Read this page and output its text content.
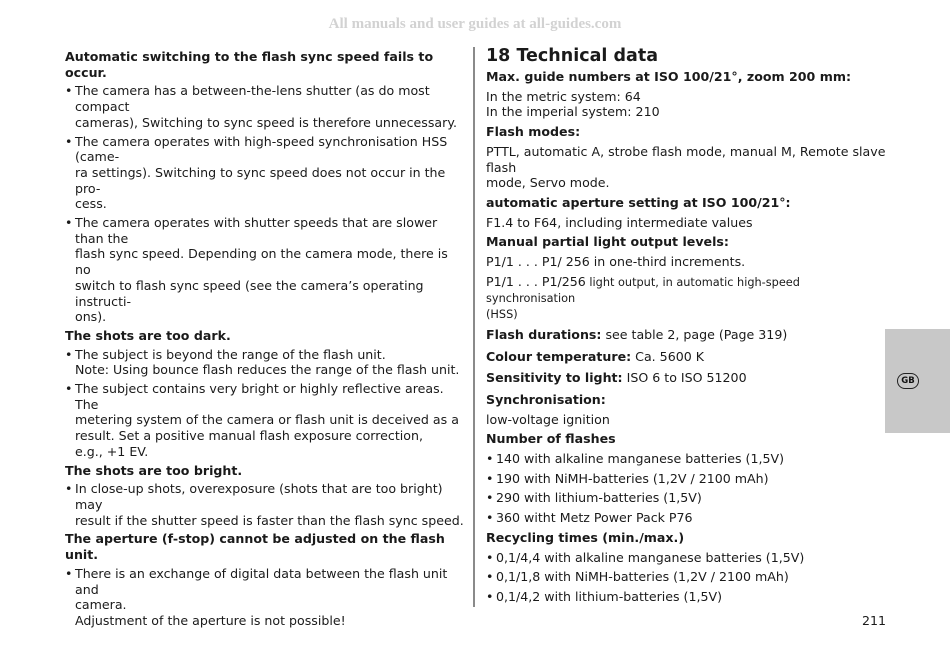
All manuals and user guides at all-guides.com
Automatic switching to the flash sync speed fails to occur.
• The camera has a between-the-lens shutter (as do most compact
cameras), Switching to sync speed is therefore unnecessary.
• The camera operates with high-speed synchronisation HSS (came-
ra settings). Switching to sync speed does not occur in the pro-
cess.
• The camera operates with shutter speeds that are slower than the
flash sync speed. Depending on the camera mode, there is no
switch to flash sync speed (see the camera’s operating instructi-
ons).
The shots are too dark.
• The subject is beyond the range of the flash unit.
Note: Using bounce flash reduces the range of the flash unit.
• The subject contains very bright or highly reflective areas. The
metering system of the camera or flash unit is deceived as a
result. Set a positive manual flash exposure correction,
e.g., +1 EV.
The shots are too bright.
• In close-up shots, overexposure (shots that are too bright) may
result if the shutter speed is faster than the flash sync speed.
The aperture (f-stop) cannot be adjusted on the flash unit.
• There is an exchange of digital data between the flash unit and
camera.
Adjustment of the aperture is not possible!
18 Technical data
Max. guide numbers at ISO 100/21°, zoom 200 mm:
In the metric system: 64
In the imperial system: 210
Flash modes:
PTTL, automatic A, strobe flash mode, manual M, Remote slave flash
mode, Servo mode.
automatic aperture setting at ISO 100/21°:
F1.4 to F64, including intermediate values
Manual partial light output levels:
P1/1 . . . P1/ 256 in one-third increments.
P1/1 . . . P1/256 light output, in automatic high-speed synchronisation
(HSS)
Flash durations: see table 2, page (Page 319)
Colour temperature: Ca. 5600 K
Sensitivity to light: ISO 6 to ISO 51200
Synchronisation:
low-voltage ignition
Number of flashes
• 140 with alkaline manganese batteries (1,5V)
• 190 with NiMH-batteries (1,2V / 2100 mAh)
• 290 with lithium-batteries (1,5V)
• 360 witht Metz Power Pack P76
Recycling times (min./max.)
• 0,1/4,4 with alkaline manganese batteries (1,5V)
• 0,1/1,8 with NiMH-batteries (1,2V / 2100 mAh)
• 0,1/4,2 with lithium-batteries (1,5V)
GB
211
